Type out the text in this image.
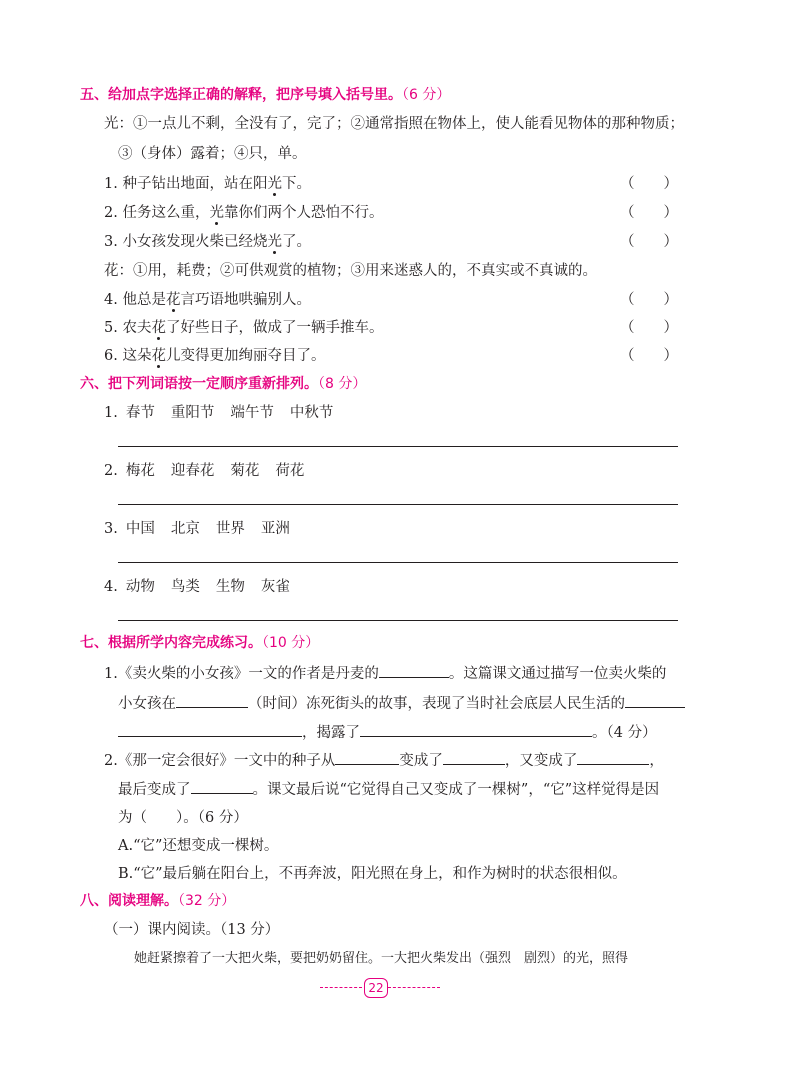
五、给加点字选择正确的解释，把序号填入括号里。（6 分）
光：①一点儿不剩，全没有了，完了；②通常指照在物体上，使人能看见物体的那种物质；
③（身体）露着；④只，单。
1. 种子钻出地面，站在阳光下。	（ ）
2. 任务这么重，光靠你们两个人恐怕不行。	（ ）
3. 小女孩发现火柴已经烧光了。	（ ）
花：①用，耗费；②可供观赏的植物；③用来迷惑人的，不真实或不真诚的。
4. 他总是花言巧语地哄骗别人。	（ ）
5. 农夫花了好些日子，做成了一辆手推车。	（ ）
6. 这朵花儿变得更加绚丽夺目了。	（ ）
六、把下列词语按一定顺序重新排列。（8 分）
1. 春节 重阳节 端午节 中秋节
2. 梅花 迎春花 菊花 荷花
3. 中国 北京 世界 亚洲
4. 动物 鸟类 生物 灰雀
七、根据所学内容完成练习。（10 分）
1.《卖火柴的小女孩》一文的作者是丹麦的	。这篇课文通过描写一位卖火柴的
小女孩在	（时间）冻死街头的故事，表现了当时社会底层人民生活的
，揭露了	。（4 分）
2.《那一定会很好》一文中的种子从	变成了	，又变成了	，
最后变成了	。课文最后说“它觉得自己又变成了一棵树”，“它”这样觉得是因
为（　　）。（6 分）
A.“它”还想变成一棵树。
B.“它”最后躺在阳台上，不再奔波，阳光照在身上，和作为树时的状态很相似。
八、阅读理解。（32 分）
（一）课内阅读。（13 分）
她赶紧擦着了一大把火柴，要把奶奶留住。一大把火柴发出（强烈　剧烈）的光，照得
22
